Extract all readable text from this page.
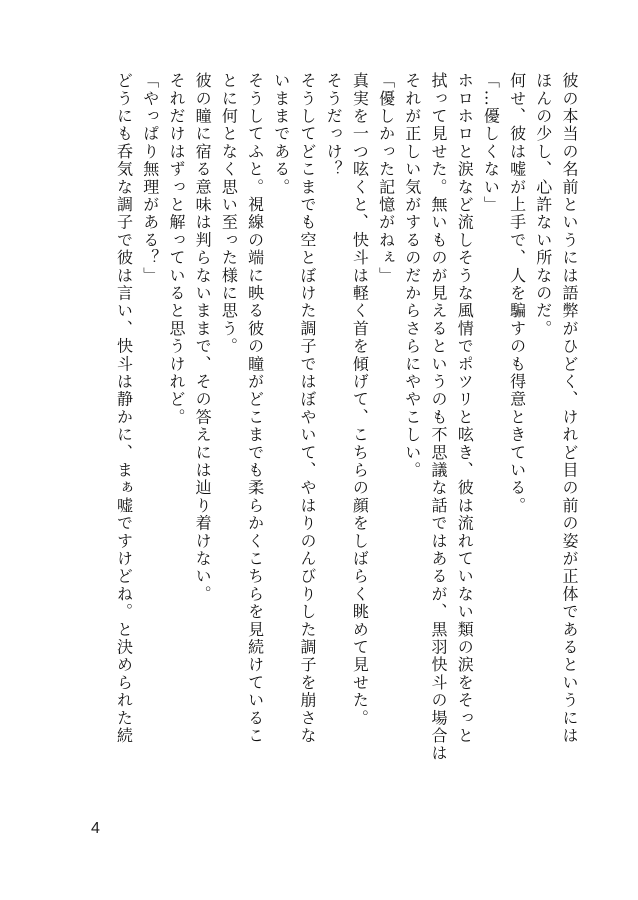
彼の本当の名前というには語弊がひどく、けれど目の前の姿が正体であるというには
ほんの少し、心許ない所なのだ。
何せ、彼は嘘が上手で、人を騙すのも得意ときている。
「…優しくない」
ホロホロと涙など流しそうな風情でポツリと呟き、彼は流れていない類の涙をそっと
拭って見せた。無いものが見えるというのも不思議な話ではあるが、黒羽快斗の場合は
それが正しい気がするのだからさらにややこしい。
「優しかった記憶がねぇ」
真実を一つ呟くと、快斗は軽く首を傾げて、こちらの顔をしばらく眺めて見せた。
そうだっけ？
そうしてどこまでも空とぼけた調子ではぼやいて、やはりのんびりした調子を崩さな
いままである。
そうしてふと。視線の端に映る彼の瞳がどこまでも柔らかくこちらを見続けているこ
とに何となく思い至った様に思う。
彼の瞳に宿る意味は判らないままで、その答えには辿り着けない。
それだけはずっと解っていると思うけれど。
「やっぱり無理がある？」
どうにも呑気な調子で彼は言い、快斗は静かに、まぁ嘘ですけどね。と決められた続
4
